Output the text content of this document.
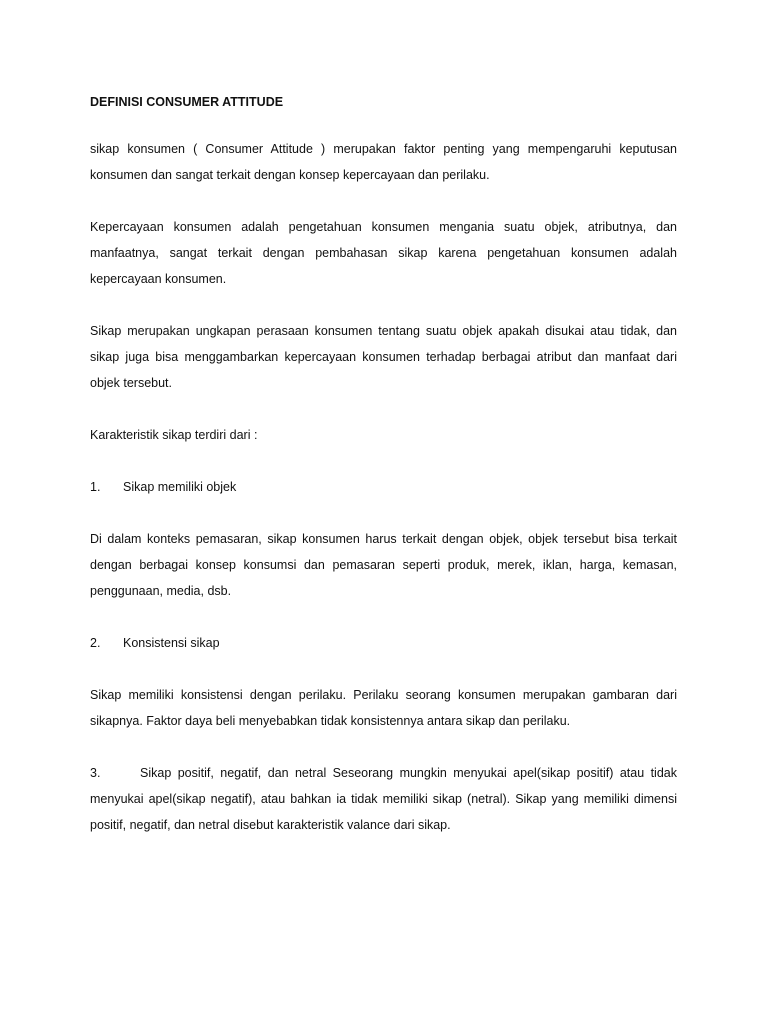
DEFINISI CONSUMER ATTITUDE

sikap konsumen ( Consumer Attitude ) merupakan faktor penting yang mempengaruhi keputusan konsumen dan sangat terkait dengan konsep kepercayaan dan perilaku.

Kepercayaan konsumen adalah pengetahuan konsumen mengania suatu objek, atributnya, dan manfaatnya, sangat terkait dengan pembahasan sikap karena pengetahuan konsumen adalah kepercayaan konsumen.

Sikap merupakan ungkapan perasaan konsumen tentang suatu objek apakah disukai atau tidak, dan sikap juga bisa menggambarkan kepercayaan konsumen terhadap berbagai atribut dan manfaat dari objek tersebut.

Karakteristik sikap terdiri dari :

1.	Sikap memiliki objek

Di dalam konteks pemasaran, sikap konsumen harus terkait dengan objek, objek tersebut bisa terkait dengan berbagai konsep konsumsi dan pemasaran seperti produk, merek, iklan, harga, kemasan, penggunaan, media, dsb.

2.	Konsistensi sikap

Sikap memiliki konsistensi dengan perilaku. Perilaku seorang konsumen merupakan gambaran dari sikapnya. Faktor daya beli menyebabkan tidak konsistennya antara sikap dan perilaku.

3.	Sikap positif, negatif, dan netral Seseorang mungkin menyukai apel(sikap positif) atau tidak menyukai apel(sikap negatif), atau bahkan ia tidak memiliki sikap (netral). Sikap yang memiliki dimensi positif, negatif, dan netral disebut karakteristik valance dari sikap.
